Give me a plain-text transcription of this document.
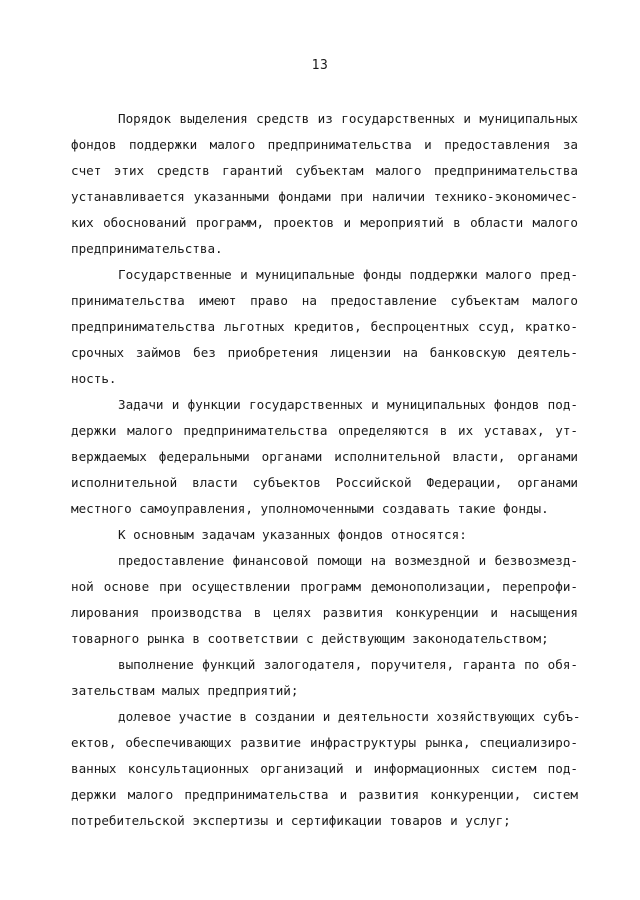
13
Порядок выделения средств из государственных и муниципальных
фондов поддержки малого предпринимательства и предоставления за
счет этих средств гарантий субъектам малого предпринимательства
устанавливается указанными фондами при наличии технико-экономичес-
ких обоснований программ, проектов и мероприятий в области малого
предпринимательства.
Государственные и муниципальные фонды поддержки малого пред-
принимательства имеют право на предоставление субъектам малого
предпринимательства льготных кредитов, беспроцентных ссуд, кратко-
срочных займов без приобретения лицензии на банковскую деятель-
ность.
Задачи и функции государственных и муниципальных фондов под-
держки малого предпринимательства определяются в их уставах, ут-
верждаемых федеральными органами исполнительной власти, органами
исполнительной власти субъектов Российской Федерации, органами
местного самоуправления, уполномоченными создавать такие фонды.
К основным задачам указанных фондов относятся:
предоставление финансовой помощи на возмездной и безвозмезд-
ной основе при осуществлении программ демонополизации, перепрофи-
лирования производства в целях развития конкуренции и насыщения
товарного рынка в соответствии с действующим законодательством;
выполнение функций залогодателя, поручителя, гаранта по обя-
зательствам малых предприятий;
долевое участие в создании и деятельности хозяйствующих субъ-
ектов, обеспечивающих развитие инфраструктуры рынка, специализиро-
ванных консультационных организаций и информационных систем под-
держки малого предпринимательства и развития конкуренции, систем
потребительской экспертизы и сертификации товаров и услуг;
